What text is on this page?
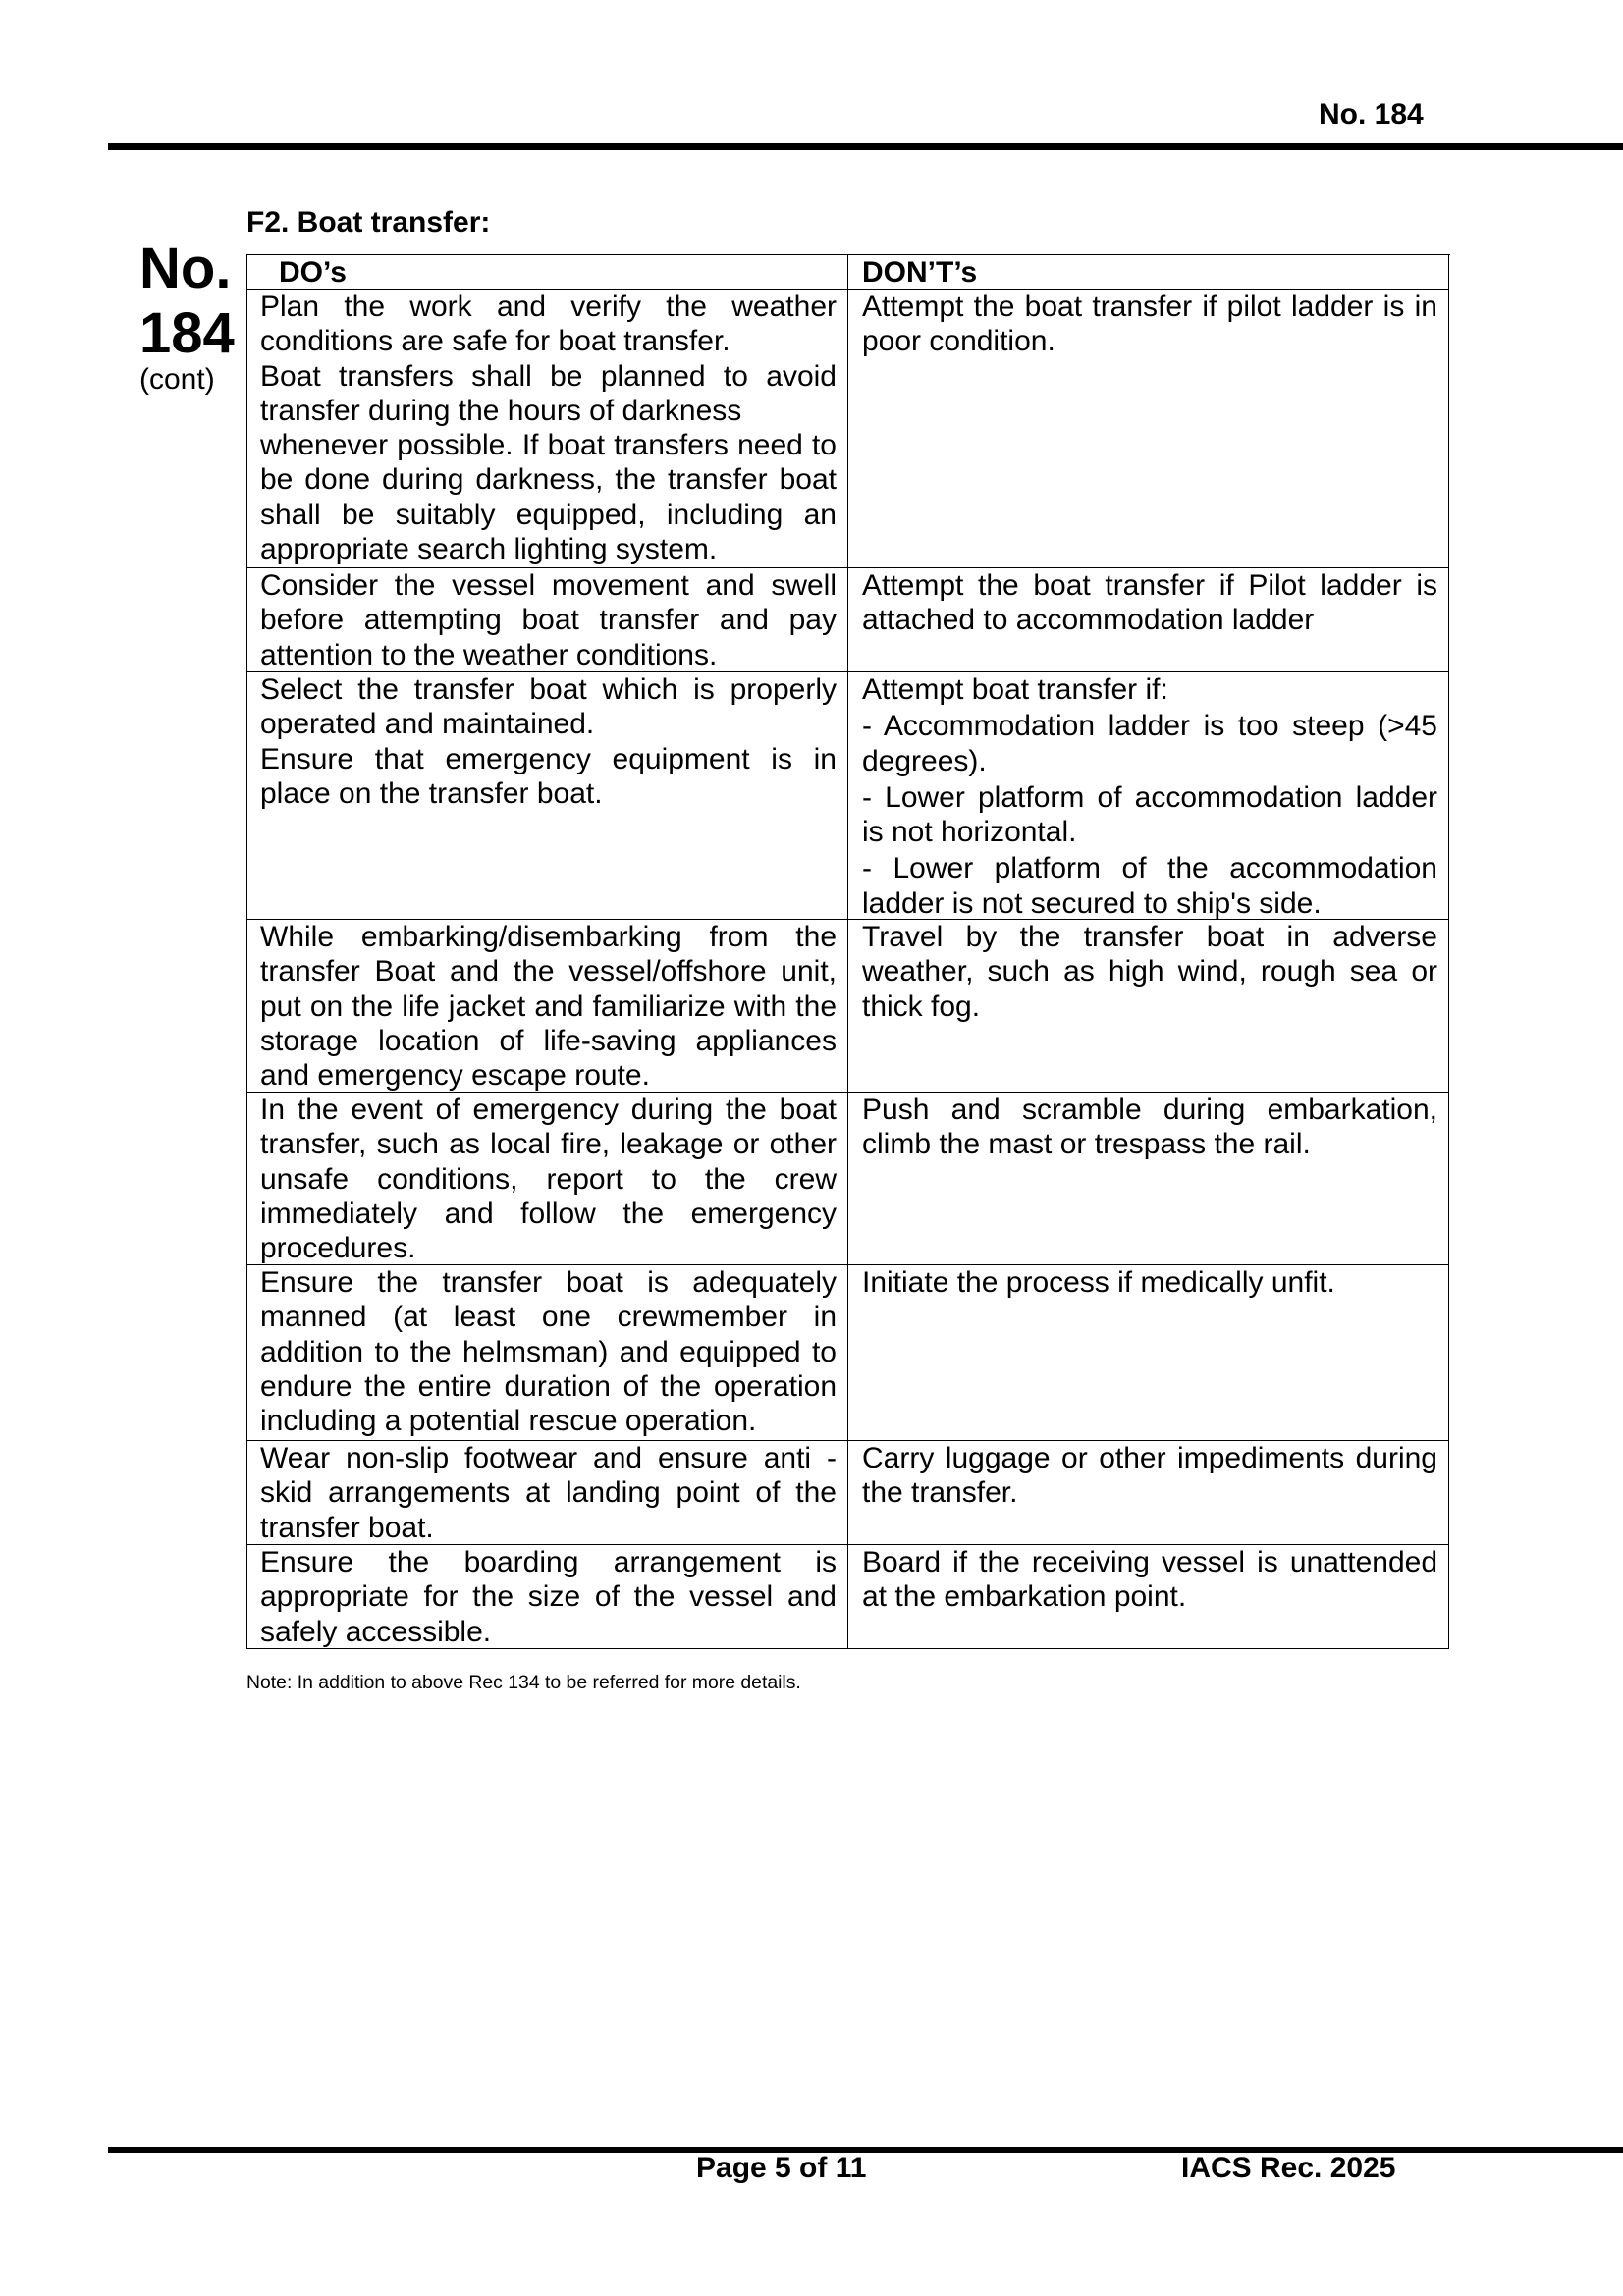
No. 184
No.
184
(cont)
F2. Boat transfer:
DO’s	DON’T’s
Plan the work and verify the weather
conditions are safe for boat transfer.
Boat transfers shall be planned to avoid
transfer during the hours of darkness
whenever possible. If boat transfers need to
be done during darkness, the transfer boat
shall be suitably equipped, including an
appropriate search lighting system.
Attempt the boat transfer if pilot ladder is in
poor condition.
Consider the vessel movement and swell
before attempting boat transfer and pay
attention to the weather conditions.
Attempt the boat transfer if Pilot ladder is
attached to accommodation ladder
Select the transfer boat which is properly
operated and maintained.
Ensure that emergency equipment is in
place on the transfer boat.
Attempt boat transfer if:
- Accommodation ladder is too steep (>45
degrees).
- Lower platform of accommodation ladder
is not horizontal.
- Lower platform of the accommodation
ladder is not secured to ship's side.
While embarking/disembarking from the
transfer Boat and the vessel/offshore unit,
put on the life jacket and familiarize with the
storage location of life-saving appliances
and emergency escape route.
Travel by the transfer boat in adverse
weather, such as high wind, rough sea or
thick fog.
In the event of emergency during the boat
transfer, such as local fire, leakage or other
unsafe conditions, report to the crew
immediately and follow the emergency
procedures.
Push and scramble during embarkation,
climb the mast or trespass the rail.
Ensure the transfer boat is adequately
manned (at least one crewmember in
addition to the helmsman) and equipped to
endure the entire duration of the operation
including a potential rescue operation.
Initiate the process if medically unfit.
Wear non-slip footwear and ensure anti -
skid arrangements at landing point of the
transfer boat.
Carry luggage or other impediments during
the transfer.
Ensure the boarding arrangement is
appropriate for the size of the vessel and
safely accessible.
Board if the receiving vessel is unattended
at the embarkation point.
Note: In addition to above Rec 134 to be referred for more details.
Page 5 of 11	IACS Rec. 2025
